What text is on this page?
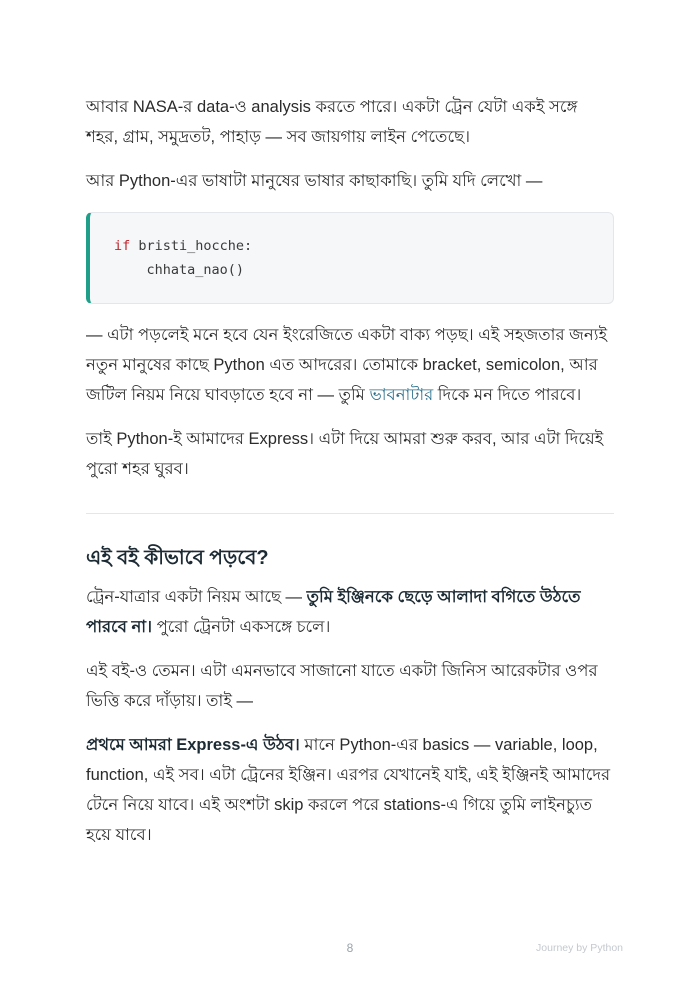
আবার NASA-র data-ও analysis করতে পারে। একটা ট্রেন যেটা একই সঙ্গে শহর, গ্রাম, সমুদ্রতট, পাহাড় — সব জায়গায় লাইন পেতেছে।

আর Python-এর ভাষাটা মানুষের ভাষার কাছাকাছি। তুমি যদি লেখো —

if bristi_hocche:
chhata_nao()

— এটা পড়লেই মনে হবে যেন ইংরেজিতে একটা বাক্য পড়ছ। এই সহজতার জন্যই নতুন মানুষের কাছে Python এত আদরের। তোমাকে bracket, semicolon, আর জটিল নিয়ম নিয়ে ঘাবড়াতে হবে না — তুমি ভাবনাটার দিকে মন দিতে পারবে।

তাই Python-ই আমাদের Express। এটা দিয়ে আমরা শুরু করব, আর এটা দিয়েই পুরো শহর ঘুরব।

এই বই কীভাবে পড়বে?

ট্রেন-যাত্রার একটা নিয়ম আছে — তুমি ইঞ্জিনকে ছেড়ে আলাদা বগিতে উঠতে পারবে না। পুরো ট্রেনটা একসঙ্গে চলে।

এই বই-ও তেমন। এটা এমনভাবে সাজানো যাতে একটা জিনিস আরেকটার ওপর ভিত্তি করে দাঁড়ায়। তাই —

প্রথমে আমরা Express-এ উঠব। মানে Python-এর basics — variable, loop, function, এই সব। এটা ট্রেনের ইঞ্জিন। এরপর যেখানেই যাই, এই ইঞ্জিনই আমাদের টেনে নিয়ে যাবে। এই অংশটা skip করলে পরে stations-এ গিয়ে তুমি লাইনচ্যুত হয়ে যাবে।

8	Journey by Python
